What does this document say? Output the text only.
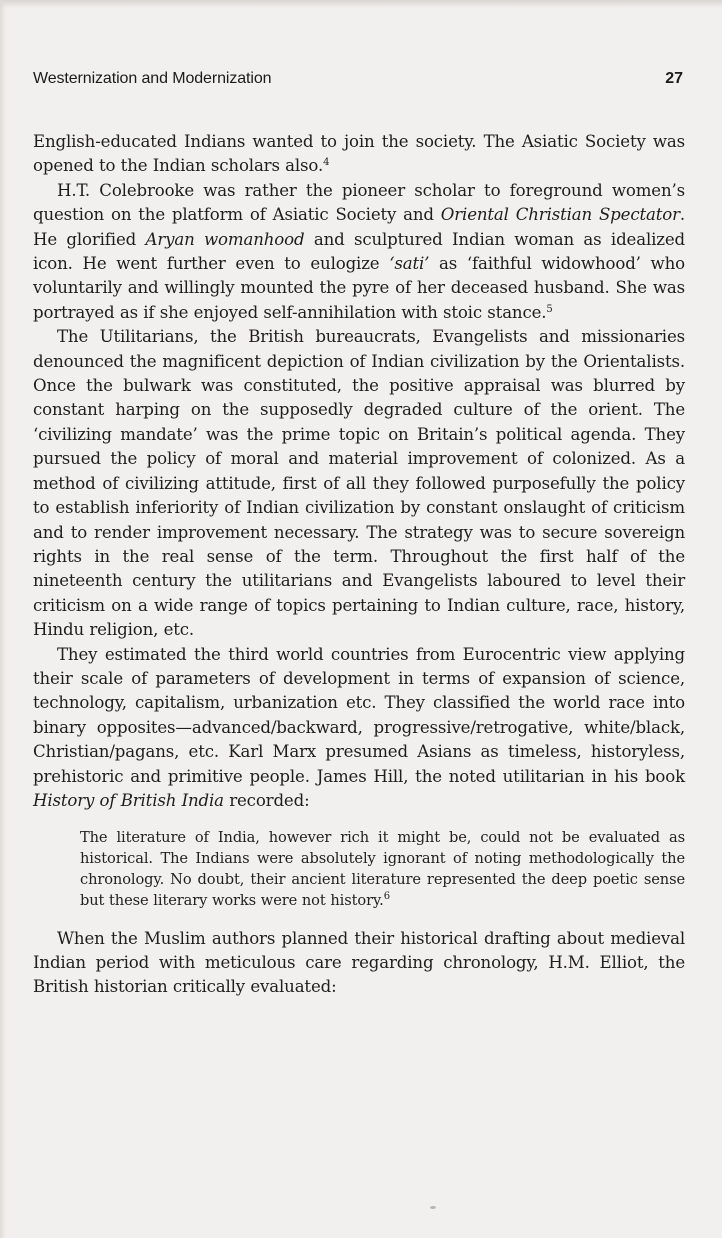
Westernization and Modernization	27

English-educated Indians wanted to join the society. The Asiatic Society was opened to the Indian scholars also.$^4$

H.T. Colebrooke was rather the pioneer scholar to foreground women’s question on the platform of Asiatic Society and Oriental Christian Spectator. He glorified Aryan womanhood and sculptured Indian woman as idealized icon. He went further even to eulogize ‘sati’ as ‘faithful widowhood’ who voluntarily and willingly mounted the pyre of her deceased husband. She was portrayed as if she enjoyed self-annihilation with stoic stance.$^5$

The Utilitarians, the British bureaucrats, Evangelists and missionaries denounced the magnificent depiction of Indian civilization by the Orientalists. Once the bulwark was constituted, the positive appraisal was blurred by constant harping on the supposedly degraded culture of the orient. The ‘civilizing mandate’ was the prime topic on Britain’s political agenda. They pursued the policy of moral and material improvement of colonized. As a method of civilizing attitude, first of all they followed purposefully the policy to establish inferiority of Indian civilization by constant onslaught of criticism and to render improvement necessary. The strategy was to secure sovereign rights in the real sense of the term. Throughout the first half of the nineteenth century the utilitarians and Evangelists laboured to level their criticism on a wide range of topics pertaining to Indian culture, race, history, Hindu religion, etc.

They estimated the third world countries from Eurocentric view applying their scale of parameters of development in terms of expansion of science, technology, capitalism, urbanization etc. They classified the world race into binary opposites—advanced/backward, progressive/retrogative, white/black, Christian/pagans, etc. Karl Marx presumed Asians as timeless, historyless, prehistoric and primitive people. James Hill, the noted utilitarian in his book History of British India recorded:

The literature of India, however rich it might be, could not be evaluated as historical. The Indians were absolutely ignorant of noting methodologically the chronology. No doubt, their ancient literature represented the deep poetic sense but these literary works were not history.$^6$

When the Muslim authors planned their historical drafting about medieval Indian period with meticulous care regarding chronology, H.M. Elliot, the British historian critically evaluated:
